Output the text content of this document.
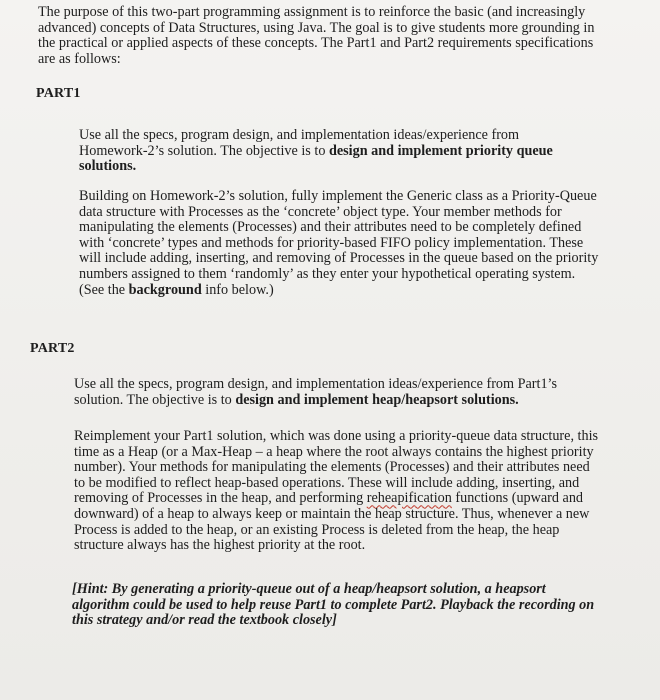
The purpose of this two-part programming assignment is to reinforce the basic (and increasingly advanced) concepts of Data Structures, using Java. The goal is to give students more grounding in the practical or applied aspects of these concepts. The Part1 and Part2 requirements specifications are as follows:

PART1

Use all the specs, program design, and implementation ideas/experience from Homework-2’s solution. The objective is to design and implement priority queue solutions.

Building on Homework-2’s solution, fully implement the Generic class as a Priority-Queue data structure with Processes as the ‘concrete’ object type. Your member methods for manipulating the elements (Processes) and their attributes need to be completely defined with ‘concrete’ types and methods for priority-based FIFO policy implementation. These will include adding, inserting, and removing of Processes in the queue based on the priority numbers assigned to them ‘randomly’ as they enter your hypothetical operating system. (See the background info below.)

PART2

Use all the specs, program design, and implementation ideas/experience from Part1’s solution. The objective is to design and implement heap/heapsort solutions.

Reimplement your Part1 solution, which was done using a priority-queue data structure, this time as a Heap (or a Max-Heap – a heap where the root always contains the highest priority number). Your methods for manipulating the elements (Processes) and their attributes need to be modified to reflect heap-based operations. These will include adding, inserting, and removing of Processes in the heap, and performing reheapification functions (upward and downward) of a heap to always keep or maintain the heap structure. Thus, whenever a new Process is added to the heap, or an existing Process is deleted from the heap, the heap structure always has the highest priority at the root.

[Hint: By generating a priority-queue out of a heap/heapsort solution, a heapsort algorithm could be used to help reuse Part1 to complete Part2. Playback the recording on this strategy and/or read the textbook closely]
